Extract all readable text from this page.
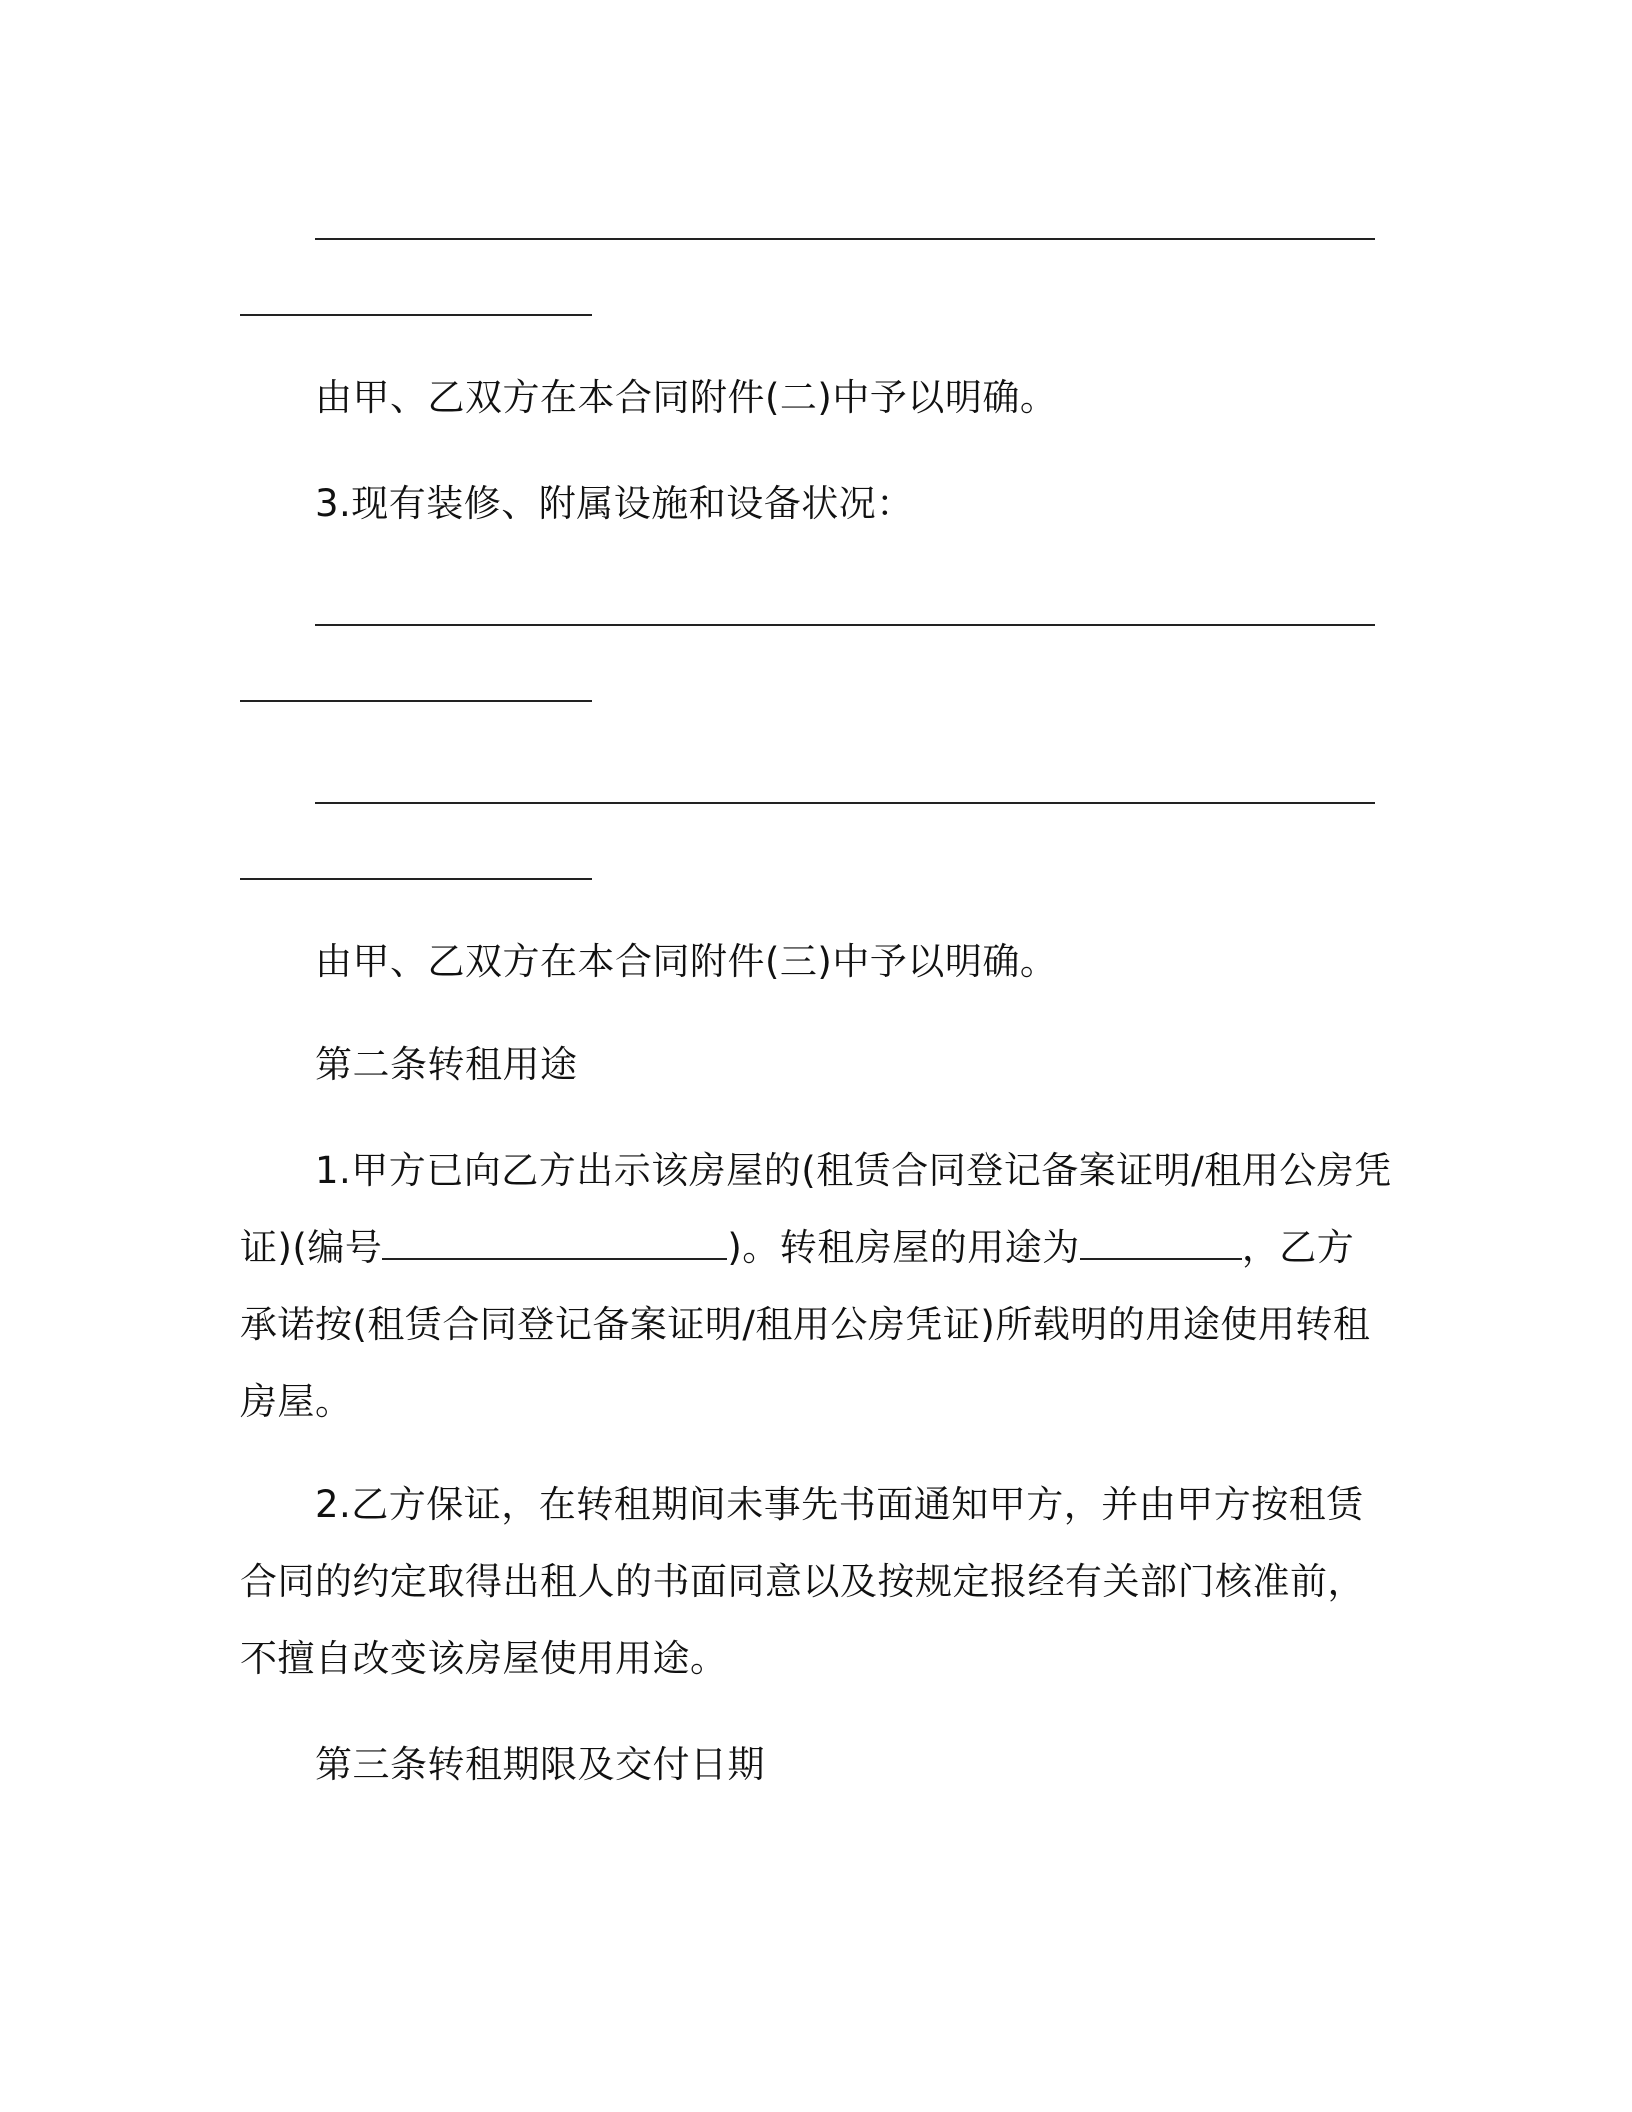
由甲、乙双方在本合同附件(二)中予以明确。
3.现有装修、附属设施和设备状况：
由甲、乙双方在本合同附件(三)中予以明确。
第二条转租用途
1.甲方已向乙方出示该房屋的(租赁合同登记备案证明/租用公房凭
证)(编号	)。转租房屋的用途为	，乙方
承诺按(租赁合同登记备案证明/租用公房凭证)所载明的用途使用转租
房屋。
2.乙方保证，在转租期间未事先书面通知甲方，并由甲方按租赁
合同的约定取得出租人的书面同意以及按规定报经有关部门核准前，
不擅自改变该房屋使用用途。
第三条转租期限及交付日期
